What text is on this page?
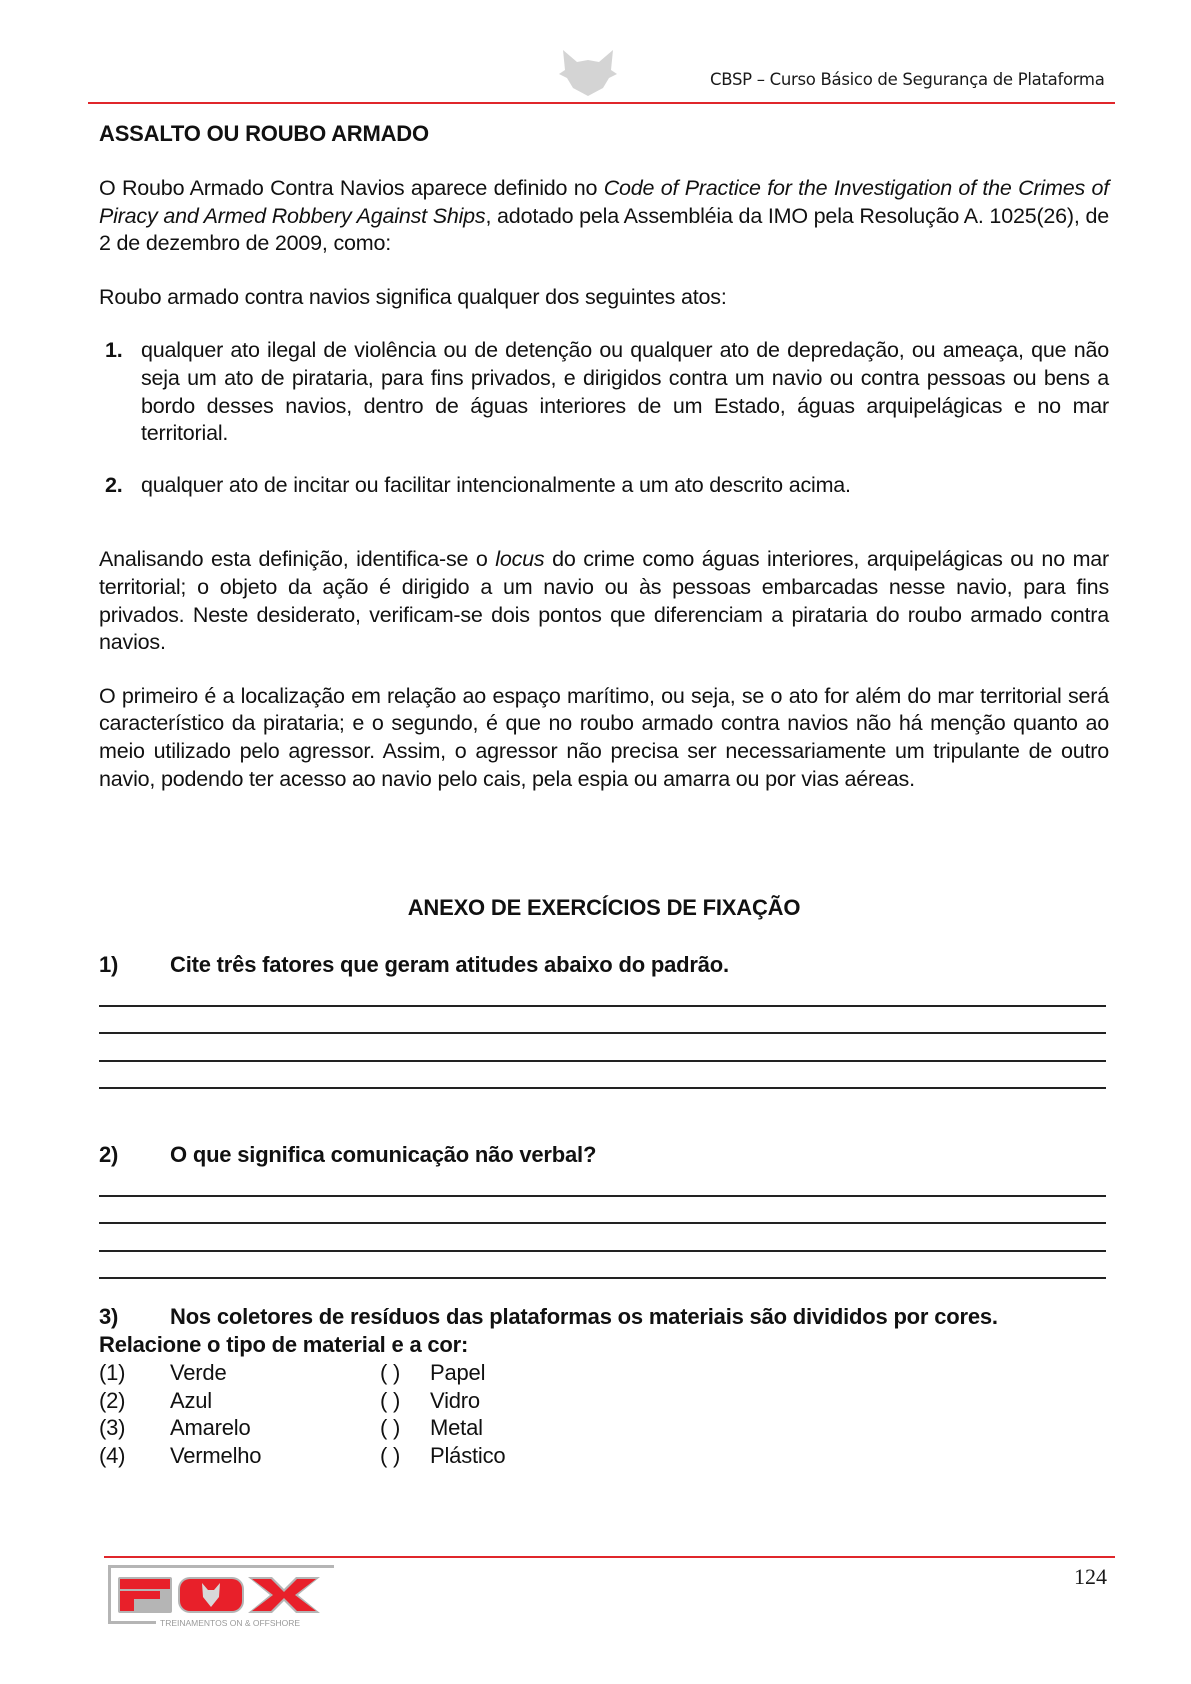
CBSP – Curso Básico de Segurança de Plataforma
ASSALTO OU ROUBO ARMADO

O Roubo Armado Contra Navios aparece definido no Code of Practice for the Investigation of the Crimes of Piracy and Armed Robbery Against Ships, adotado pela Assembléia da IMO pela Resolução A. 1025(26), de 2 de dezembro de 2009, como:

Roubo armado contra navios significa qualquer dos seguintes atos:

1. qualquer ato ilegal de violência ou de detenção ou qualquer ato de depredação, ou ameaça, que não seja um ato de pirataria, para fins privados, e dirigidos contra um navio ou contra pessoas ou bens a bordo desses navios, dentro de águas interiores de um Estado, águas arquipelágicas e no mar territorial.
2. qualquer ato de incitar ou facilitar intencionalmente a um ato descrito acima.

Analisando esta definição, identifica-se o locus do crime como águas interiores, arquipelágicas ou no mar territorial; o objeto da ação é dirigido a um navio ou às pessoas embarcadas nesse navio, para fins privados. Neste desiderato, verificam-se dois pontos que diferenciam a pirataria do roubo armado contra navios.

O primeiro é a localização em relação ao espaço marítimo, ou seja, se o ato for além do mar territorial será característico da pirataria; e o segundo, é que no roubo armado contra navios não há menção quanto ao meio utilizado pelo agressor. Assim, o agressor não precisa ser necessariamente um tripulante de outro navio, podendo ter acesso ao navio pelo cais, pela espia ou amarra ou por vias aéreas.

ANEXO DE EXERCÍCIOS DE FIXAÇÃO
1)	Cite três fatores que geram atitudes abaixo do padrão.
2)	O que significa comunicação não verbal?
3)	Nos coletores de resíduos das plataformas os materiais são divididos por cores.
Relacione o tipo de material e a cor:
(1)	Verde	( )	Papel
(2)	Azul	( )	Vidro
(3)	Amarelo	( )	Metal
(4)	Vermelho	( )	Plástico
TREINAMENTOS ON & OFFSHORE
124
